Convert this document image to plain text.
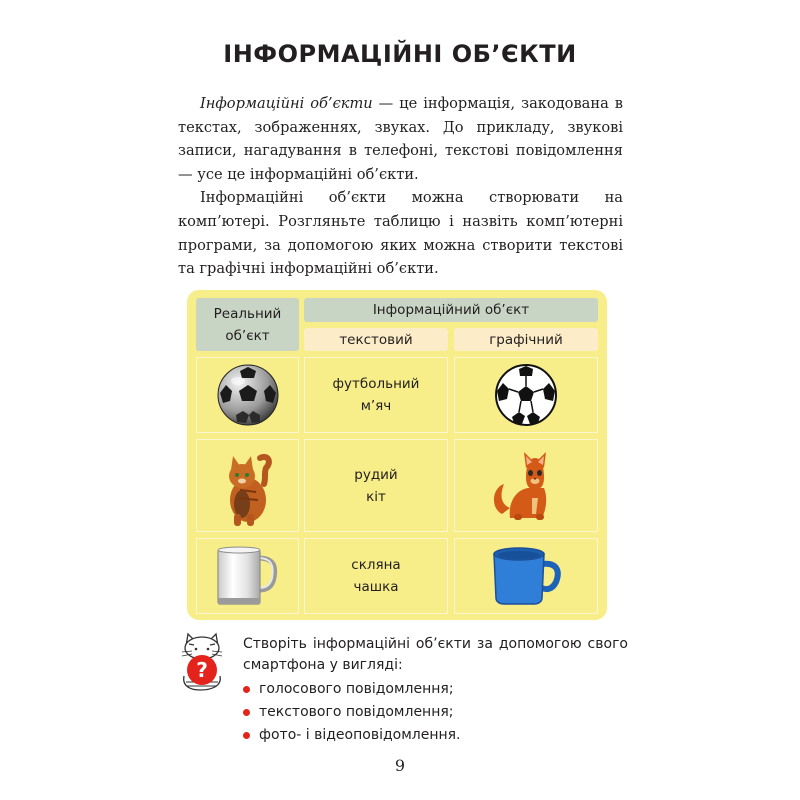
ІНФОРМАЦІЙНІ ОБ’ЄКТИ

Інформаційні об’єкти — це інформація, закодована в текстах, зображеннях, звуках. До прикладу, звукові записи, нагадування в телефоні, текстові повідомлення — усе це інформаційні об’єкти.

Інформаційні об’єкти можна створювати на комп’ютері. Розгляньте таблицю і назвіть комп’ютерні програми, за допомогою яких можна створити текстові та графічні інформаційні об’єкти.

Реальний
об’єкт
Інформаційний об’єкт
текстовий	графічний
футбольний
м’яч
рудий
кіт
скляна
чашка
?

Створіть інформаційні об’єкти за допомогою свого смартфона у вигляді:

голосового повідомлення;
текстового повідомлення;
фото- і відеоповідомлення.
9
